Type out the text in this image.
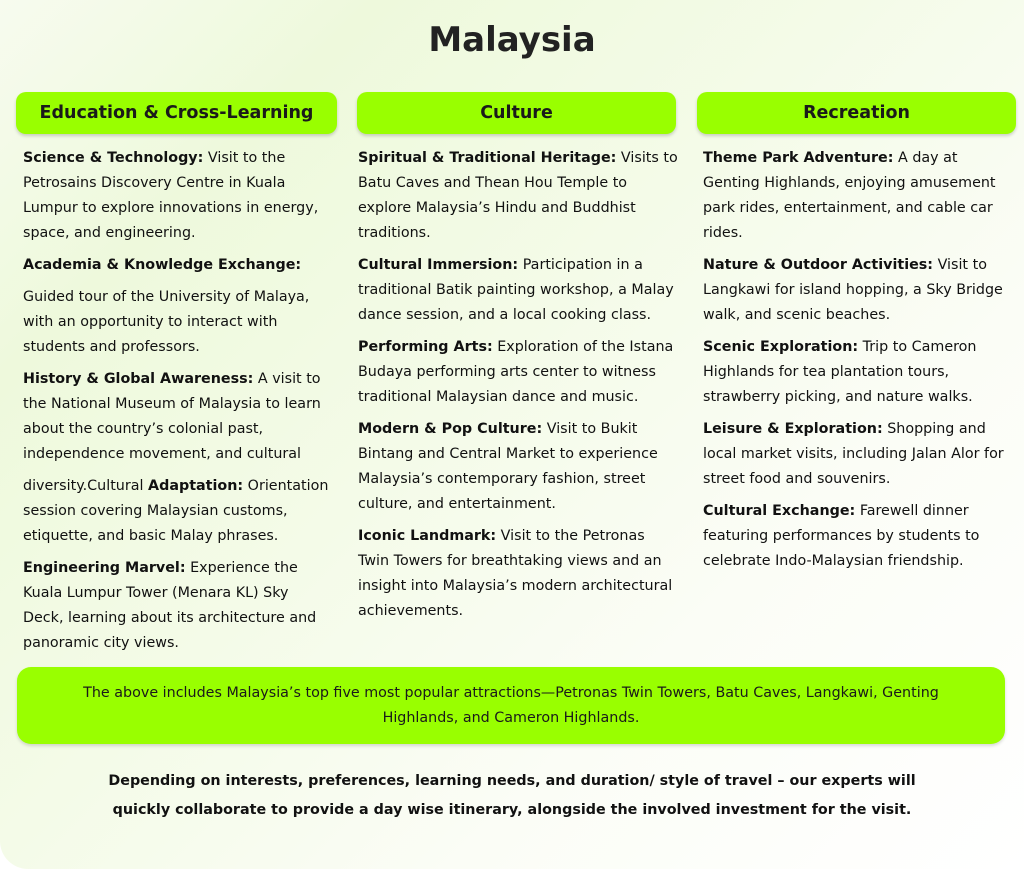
Malaysia
Education & Cross-Learning	Culture	Recreation

Science & Technology: Visit to the Petrosains Discovery Centre in Kuala Lumpur to explore innovations in energy, space, and engineering.

Academia & Knowledge Exchange:

Guided tour of the University of Malaya, with an opportunity to interact with students and professors.

History & Global Awareness: A visit to the National Museum of Malaysia to learn about the country’s colonial past, independence movement, and cultural

diversity.Cultural Adaptation: Orientation session covering Malaysian customs, etiquette, and basic Malay phrases.

Engineering Marvel: Experience the Kuala Lumpur Tower (Menara KL) Sky Deck, learning about its architecture and panoramic city views.

Spiritual & Traditional Heritage: Visits to Batu Caves and Thean Hou Temple to explore Malaysia’s Hindu and Buddhist traditions.

Cultural Immersion: Participation in a traditional Batik painting workshop, a Malay dance session, and a local cooking class.

Performing Arts: Exploration of the Istana Budaya performing arts center to witness traditional Malaysian dance and music.

Modern & Pop Culture: Visit to Bukit Bintang and Central Market to experience Malaysia’s contemporary fashion, street culture, and entertainment.

Iconic Landmark: Visit to the Petronas Twin Towers for breathtaking views and an insight into Malaysia’s modern architectural achievements.

Theme Park Adventure: A day at Genting Highlands, enjoying amusement park rides, entertainment, and cable car rides.

Nature & Outdoor Activities: Visit to Langkawi for island hopping, a Sky Bridge walk, and scenic beaches.

Scenic Exploration: Trip to Cameron Highlands for tea plantation tours, strawberry picking, and nature walks.

Leisure & Exploration: Shopping and local market visits, including Jalan Alor for street food and souvenirs.

Cultural Exchange: Farewell dinner featuring performances by students to celebrate Indo-Malaysian friendship.

The above includes Malaysia’s top five most popular attractions—Petronas Twin Towers, Batu Caves, Langkawi, Genting Highlands, and Cameron Highlands.
Depending on interests, preferences, learning needs, and duration/ style of travel – our experts will quickly collaborate to provide a day wise itinerary, alongside the involved investment for the visit.
